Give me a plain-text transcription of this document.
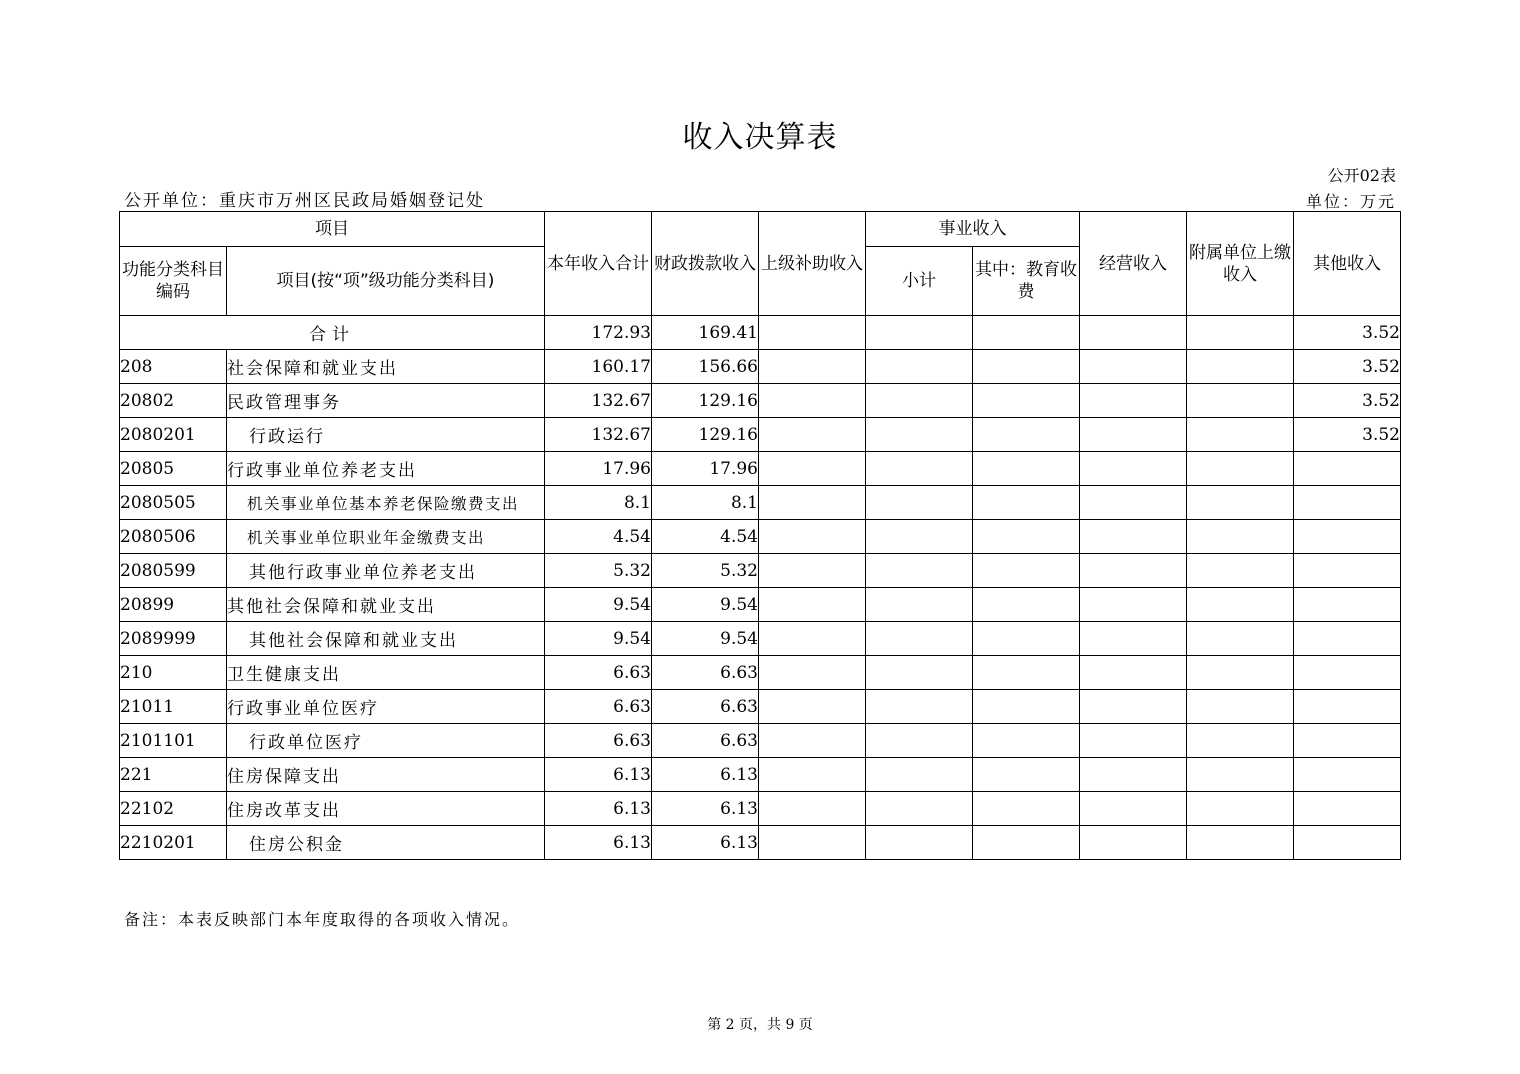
收入决算表
公开02表
单位：万元
公开单位：重庆市万州区民政局婚姻登记处
项目		本年收入合计	财政拨款收入	上级补助收入	事业收入		经营收入	附属单位上缴收入	其他收入
功能分类科目编码	项目(按“项”级功能分类科目)								
					小计	其中：教育收费			
合计		172.93	169.41						3.52
208	社会保障和就业支出	160.17	156.66						3.52
20802	民政管理事务	132.67	129.16						3.52
2080201	行政运行	132.67	129.16						3.52
20805	行政事业单位养老支出	17.96	17.96						
2080505	机关事业单位基本养老保险缴费支出	8.1	8.1						
2080506	机关事业单位职业年金缴费支出	4.54	4.54						
2080599	其他行政事业单位养老支出	5.32	5.32						
20899	其他社会保障和就业支出	9.54	9.54						
2089999	其他社会保障和就业支出	9.54	9.54						
210	卫生健康支出	6.63	6.63						
21011	行政事业单位医疗	6.63	6.63						
2101101	行政单位医疗	6.63	6.63						
221	住房保障支出	6.13	6.13						
22102	住房改革支出	6.13	6.13						
2210201	住房公积金	6.13	6.13						
备注：本表反映部门本年度取得的各项收入情况。
第 2 页，共 9 页
